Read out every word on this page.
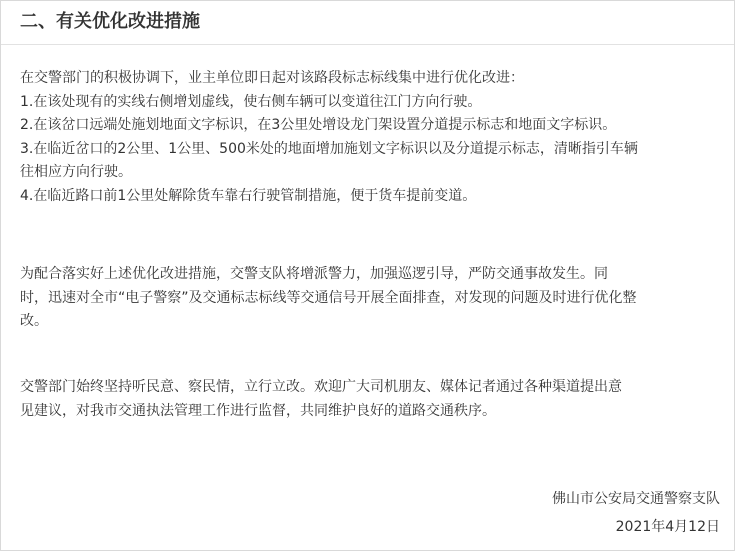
二、有关优化改进措施
在交警部门的积极协调下，业主单位即日起对该路段标志标线集中进行优化改进：
1.在该处现有的实线右侧增划虚线，使右侧车辆可以变道往江门方向行驶。
2.在该岔口远端处施划地面文字标识，在3公里处增设龙门架设置分道提示标志和地面文字标识。
3.在临近岔口的2公里、1公里、500米处的地面增加施划文字标识以及分道提示标志，清晰指引车辆
往相应方向行驶。
4.在临近路口前1公里处解除货车靠右行驶管制措施，便于货车提前变道。
为配合落实好上述优化改进措施，交警支队将增派警力，加强巡逻引导，严防交通事故发生。同
时，迅速对全市“电子警察”及交通标志标线等交通信号开展全面排查，对发现的问题及时进行优化整
改。
交警部门始终坚持听民意、察民情，立行立改。欢迎广大司机朋友、媒体记者通过各种渠道提出意
见建议，对我市交通执法管理工作进行监督，共同维护良好的道路交通秩序。
佛山市公安局交通警察支队
2021年4月12日
